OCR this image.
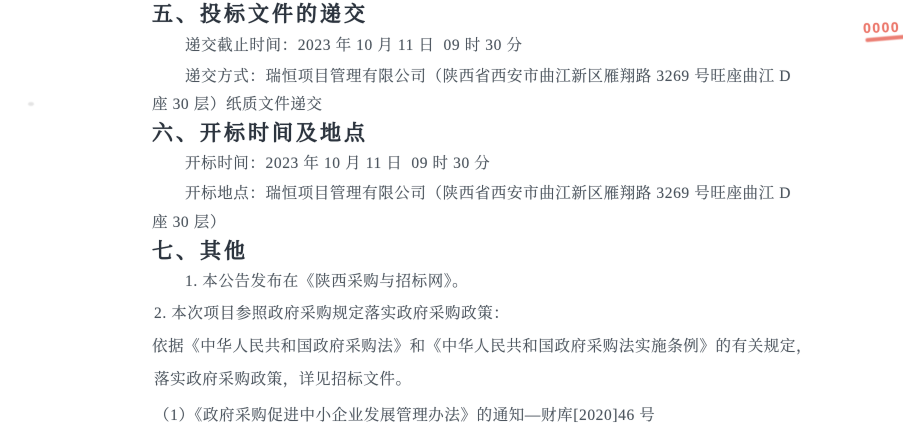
0000
五、投标文件的递交

递交截止时间：2023 年 10 月 11 日  09 时 30 分

递交方式：瑞恒项目管理有限公司（陕西省西安市曲江新区雁翔路 3269 号旺座曲江 D

座 30 层）纸质文件递交

六、开标时间及地点

开标时间：2023 年 10 月 11 日  09 时 30 分

开标地点：瑞恒项目管理有限公司（陕西省西安市曲江新区雁翔路 3269 号旺座曲江 D

座 30 层）

七、其他

1. 本公告发布在《陕西采购与招标网》。

2. 本次项目参照政府采购规定落实政府采购政策：

依据《中华人民共和国政府采购法》和《中华人民共和国政府采购法实施条例》的有关规定，

落实政府采购政策，详见招标文件。

（1）《政府采购促进中小企业发展管理办法》的通知—财库[2020]46 号
